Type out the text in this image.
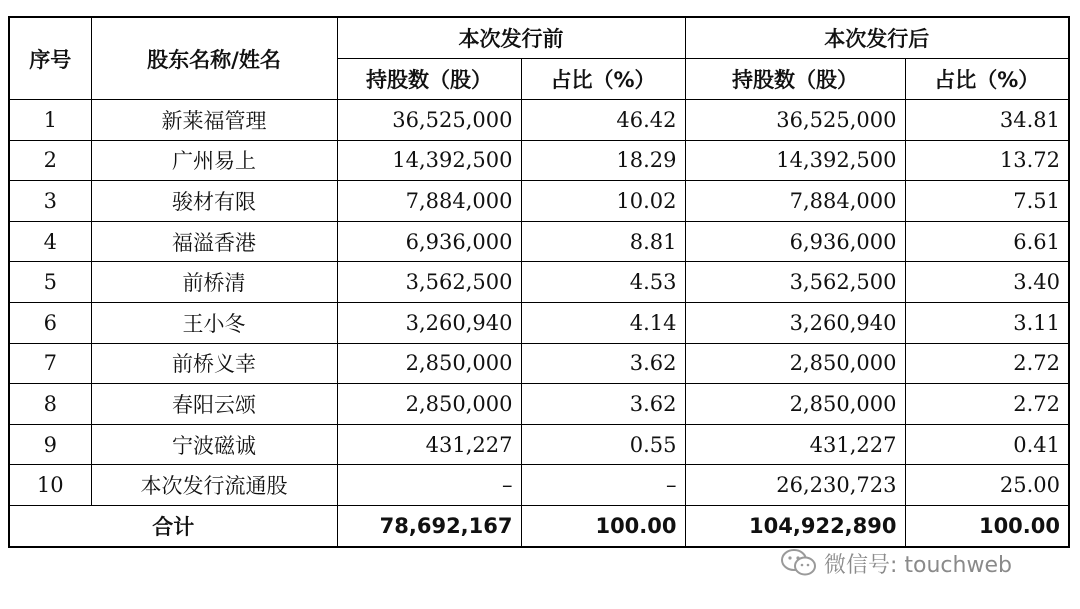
序号	股东名称/姓名	本次发行前		本次发行后	
		持股数（股）	占比（%）	持股数（股）	占比（%）
1	新莱福管理	36,525,000	46.42	36,525,000	34.81
2	广州易上	14,392,500	18.29	14,392,500	13.72
3	骏材有限	7,884,000	10.02	7,884,000	7.51
4	福溢香港	6,936,000	8.81	6,936,000	6.61
5	前桥清	3,562,500	4.53	3,562,500	3.40
6	王小冬	3,260,940	4.14	3,260,940	3.11
7	前桥义幸	2,850,000	3.62	2,850,000	2.72
8	春阳云颂	2,850,000	3.62	2,850,000	2.72
9	宁波磁诚	431,227	0.55	431,227	0.41
10	本次发行流通股	–	–	26,230,723	25.00
合计		78,692,167	100.00	104,922,890	100.00
微信号: touchweb
